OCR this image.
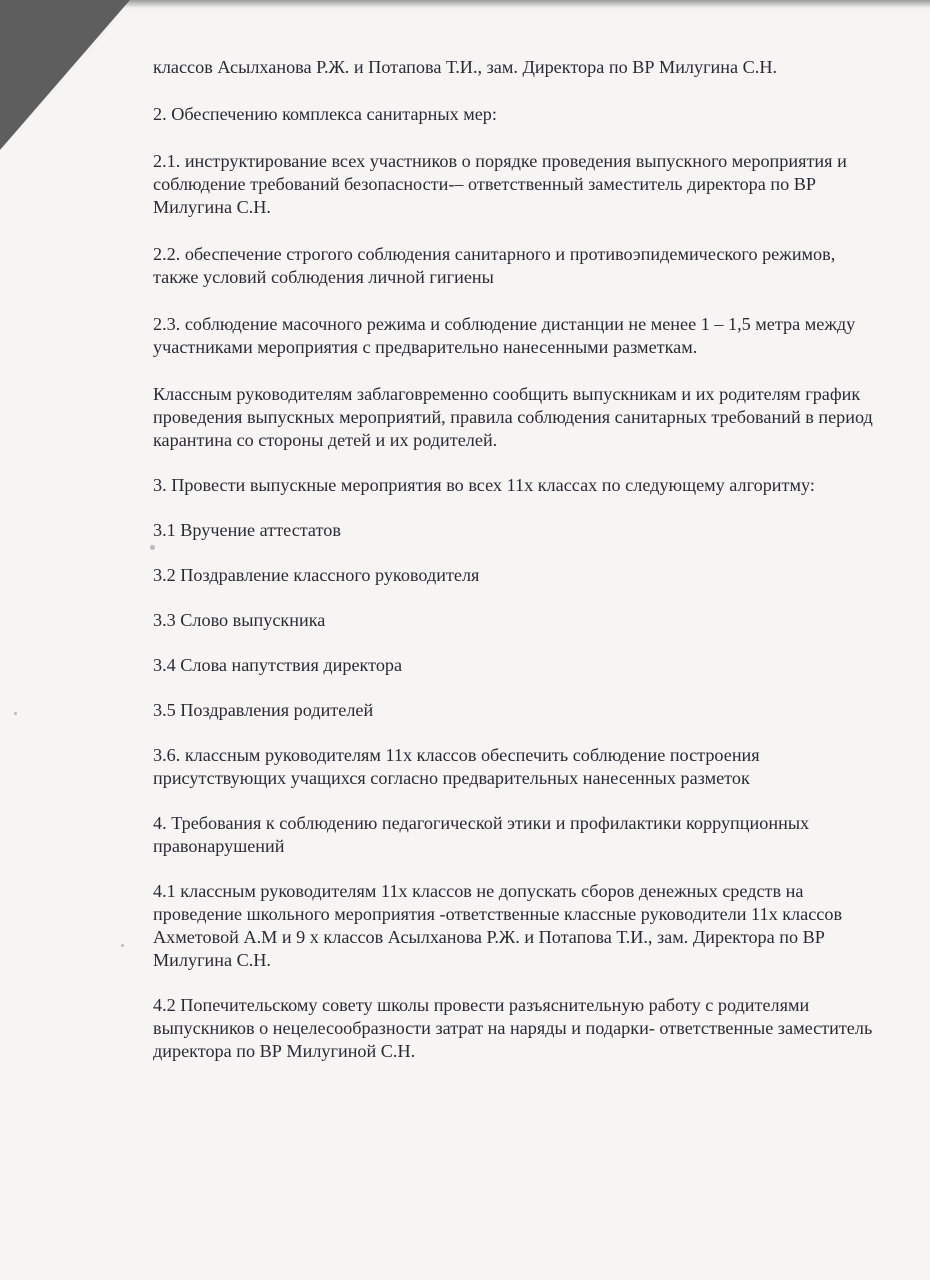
классов Асылханова Р.Ж. и Потапова Т.И., зам. Директора по ВР Милугина С.Н.

2. Обеспечению комплекса санитарных мер:

2.1. инструктирование всех участников о порядке проведения выпускного мероприятия и соблюдение требований безопасности-– ответственный заместитель директора по ВР Милугина С.Н.

2.2. обеспечение строгого соблюдения санитарного и противоэпидемического режимов, также условий соблюдения личной гигиены

2.3. соблюдение масочного режима и соблюдение дистанции не менее 1 – 1,5 метра между участниками мероприятия с предварительно нанесенными разметкам.

Классным руководителям заблаговременно сообщить выпускникам и их родителям график проведения выпускных мероприятий, правила соблюдения санитарных требований в период карантина со стороны детей и их родителей.

3. Провести выпускные мероприятия во всех 11х классах по следующему алгоритму:

3.1 Вручение аттестатов

3.2 Поздравление классного руководителя

3.3 Слово выпускника

3.4 Слова напутствия директора

3.5 Поздравления родителей

3.6. классным руководителям 11х классов обеспечить соблюдение построения присутствующих учащихся согласно предварительных нанесенных разметок

4. Требования к соблюдению педагогической этики и профилактики коррупционных правонарушений

4.1 классным руководителям 11х классов не допускать сборов денежных средств на проведение школьного мероприятия -ответственные классные руководители 11х классов Ахметовой А.М и 9 х классов Асылханова Р.Ж. и Потапова Т.И., зам. Директора по ВР Милугина С.Н.

4.2 Попечительскому совету школы провести разъяснительную работу с родителями выпускников о нецелесообразности затрат на наряды и подарки- ответственные заместитель директора по ВР Милугиной С.Н.
